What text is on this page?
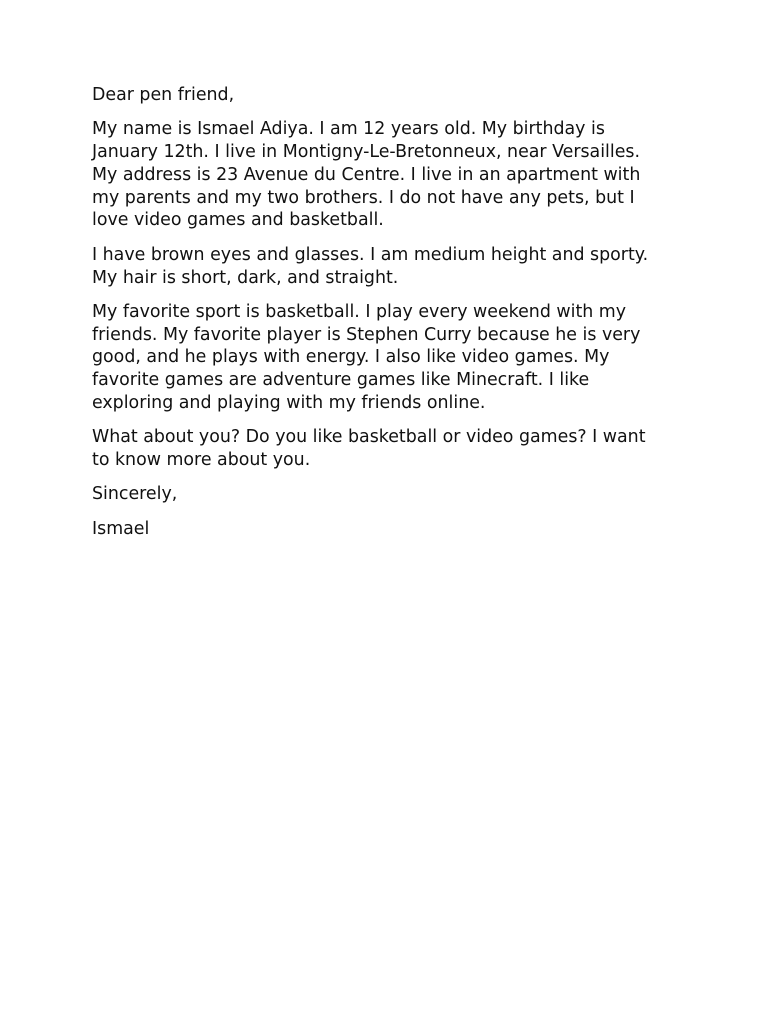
Dear pen friend,

My name is Ismael Adiya. I am 12 years old. My birthday is
January 12th. I live in Montigny-Le-Bretonneux, near Versailles.
My address is 23 Avenue du Centre. I live in an apartment with
my parents and my two brothers. I do not have any pets, but I
love video games and basketball.

I have brown eyes and glasses. I am medium height and sporty.
My hair is short, dark, and straight.

My favorite sport is basketball. I play every weekend with my
friends. My favorite player is Stephen Curry because he is very
good, and he plays with energy. I also like video games. My
favorite games are adventure games like Minecraft. I like
exploring and playing with my friends online.

What about you? Do you like basketball or video games? I want
to know more about you.

Sincerely,

Ismael
